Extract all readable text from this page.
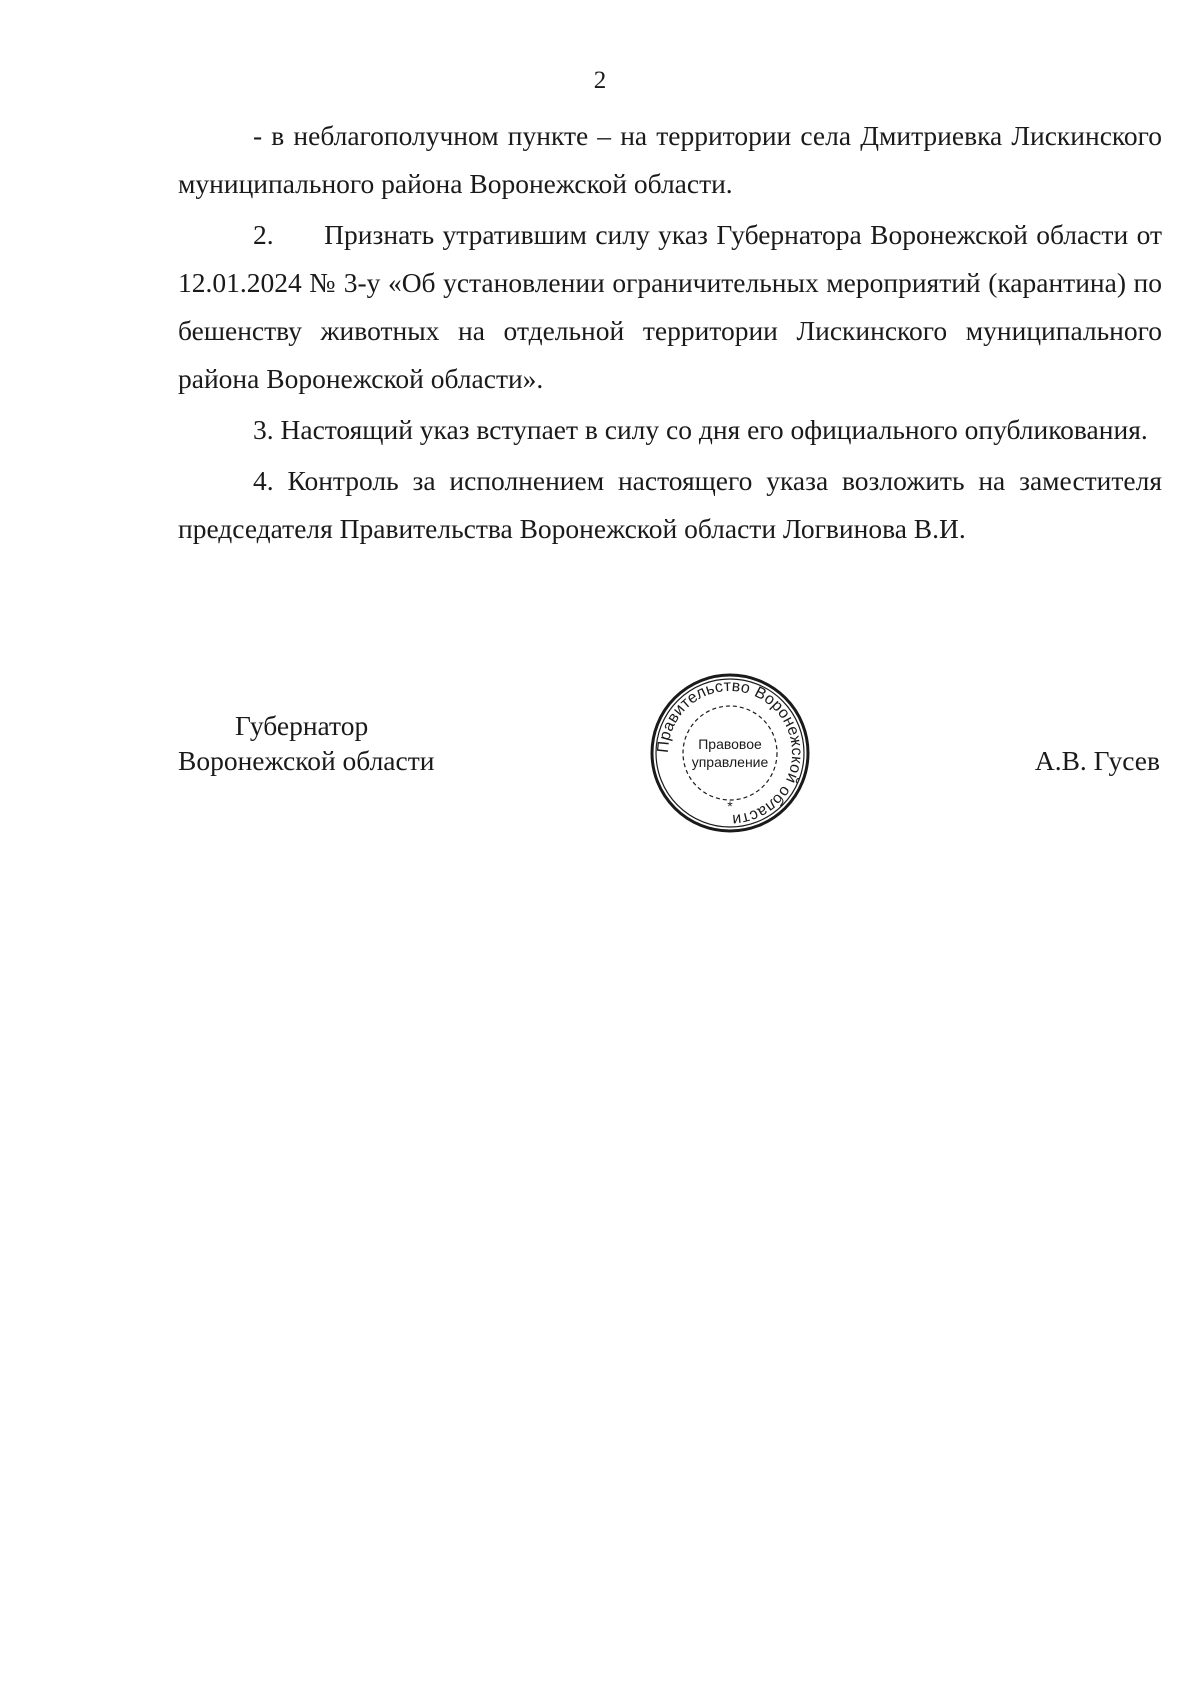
2

- в неблагополучном пункте – на территории села Дмитриевка Лискинского муниципального района Воронежской области.

2.      Признать утратившим силу указ Губернатора Воронежской области от 12.01.2024 № 3-у «Об установлении ограничительных мероприятий (карантина) по бешенству животных на отдельной территории Лискинского муниципального района Воронежской области».

3. Настоящий указ вступает в силу со дня его официального опубликования.

4. Контроль за исполнением настоящего указа возложить на заместителя председателя Правительства Воронежской области Логвинова В.И.

Губернатор
Воронежской области	Правительство Воронежской области
Правовое
управление
*
А.В. Гусев
